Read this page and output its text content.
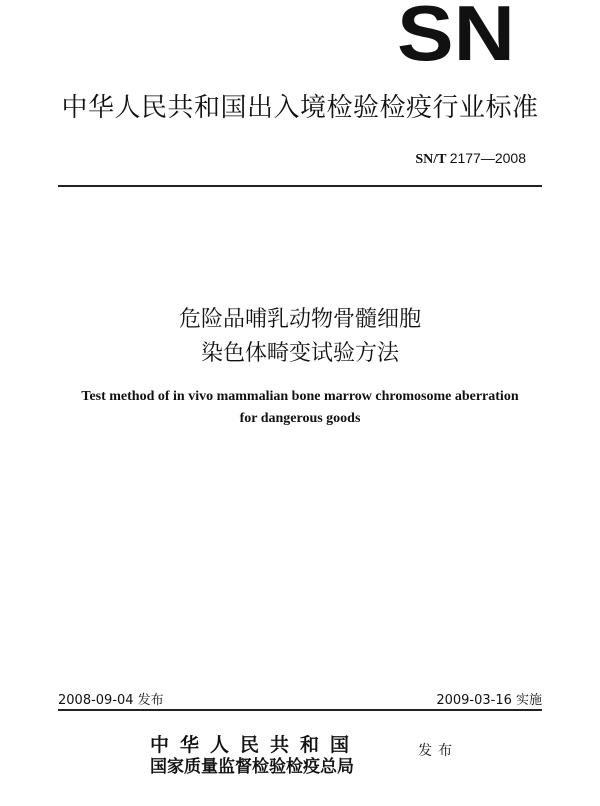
SN
中华人民共和国出入境检验检疫行业标准
SN/T 2177—2008
危险品哺乳动物骨髓细胞
染色体畸变试验方法
Test method of in vivo mammalian bone marrow chromosome aberration
for dangerous goods
2008-09-04 发布	2009-03-16 实施
中华人民共和国
国家质量监督检验检疫总局
发布
